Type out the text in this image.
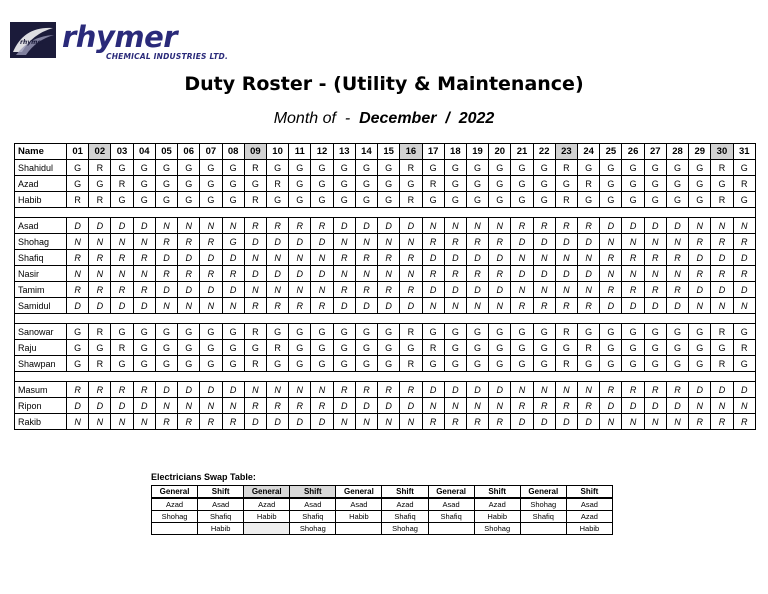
rhymer rhymer
CHEMICAL INDUSTRIES LTD.
Duty Roster - (Utility & Maintenance)
Month of  -  December  /  2022
Name	01	02	03	04	05	06	07	08	09	10	11	12	13	14	15	16	17	18	19	20	21	22	23	24	25	26	27	28	29	30	31
Shahidul	G	R	G	G	G	G	G	G	R	G	G	G	G	G	G	R	G	G	G	G	G	G	R	G	G	G	G	G	G	R	G
Azad	G	G	R	G	G	G	G	G	G	R	G	G	G	G	G	G	R	G	G	G	G	G	G	R	G	G	G	G	G	G	R
Habib	R	R	G	G	G	G	G	G	R	G	G	G	G	G	G	R	G	G	G	G	G	G	R	G	G	G	G	G	G	R	G

Asad	D	D	D	D	N	N	N	N	R	R	R	R	D	D	D	D	N	N	N	N	R	R	R	R	D	D	D	D	N	N	N
Shohag	N	N	N	N	R	R	R	G	D	D	D	D	N	N	N	N	R	R	R	R	D	D	D	D	N	N	N	N	R	R	R
Shafiq	R	R	R	R	D	D	D	D	N	N	N	N	R	R	R	R	D	D	D	D	N	N	N	N	R	R	R	R	D	D	D
Nasir	N	N	N	N	R	R	R	R	D	D	D	D	N	N	N	N	R	R	R	R	D	D	D	D	N	N	N	N	R	R	R
Tamim	R	R	R	R	D	D	D	D	N	N	N	N	R	R	R	R	D	D	D	D	N	N	N	N	R	R	R	R	D	D	D
Samidul	D	D	D	D	N	N	N	N	R	R	R	R	D	D	D	D	N	N	N	N	R	R	R	R	D	D	D	D	N	N	N

Sanowar	G	R	G	G	G	G	G	G	R	G	G	G	G	G	G	R	G	G	G	G	G	G	R	G	G	G	G	G	G	R	G
Raju	G	G	R	G	G	G	G	G	G	R	G	G	G	G	G	G	R	G	G	G	G	G	G	R	G	G	G	G	G	G	R
Shawpan	G	R	G	G	G	G	G	G	R	G	G	G	G	G	G	R	G	G	G	G	G	G	R	G	G	G	G	G	G	R	G

Masum	R	R	R	R	D	D	D	D	N	N	N	N	R	R	R	R	D	D	D	D	N	N	N	N	R	R	R	R	D	D	D
Ripon	D	D	D	D	N	N	N	N	R	R	R	R	D	D	D	D	N	N	N	N	R	R	R	R	D	D	D	D	N	N	N
Rakib	N	N	N	N	R	R	R	R	D	D	D	D	N	N	N	N	R	R	R	R	D	D	D	D	N	N	N	N	R	R	R
Electricians Swap Table:
General	Shift	General	Shift	General	Shift	General	Shift	General	Shift
Azad	Asad	Azad	Asad	Asad	Azad	Asad	Azad	Shohag	Asad
Shohag	Shafiq	Habib	Shafiq	Habib	Shafiq	Shafiq	Habib	Shafiq	Azad
	Habib		Shohag		Shohag		Shohag		Habib
